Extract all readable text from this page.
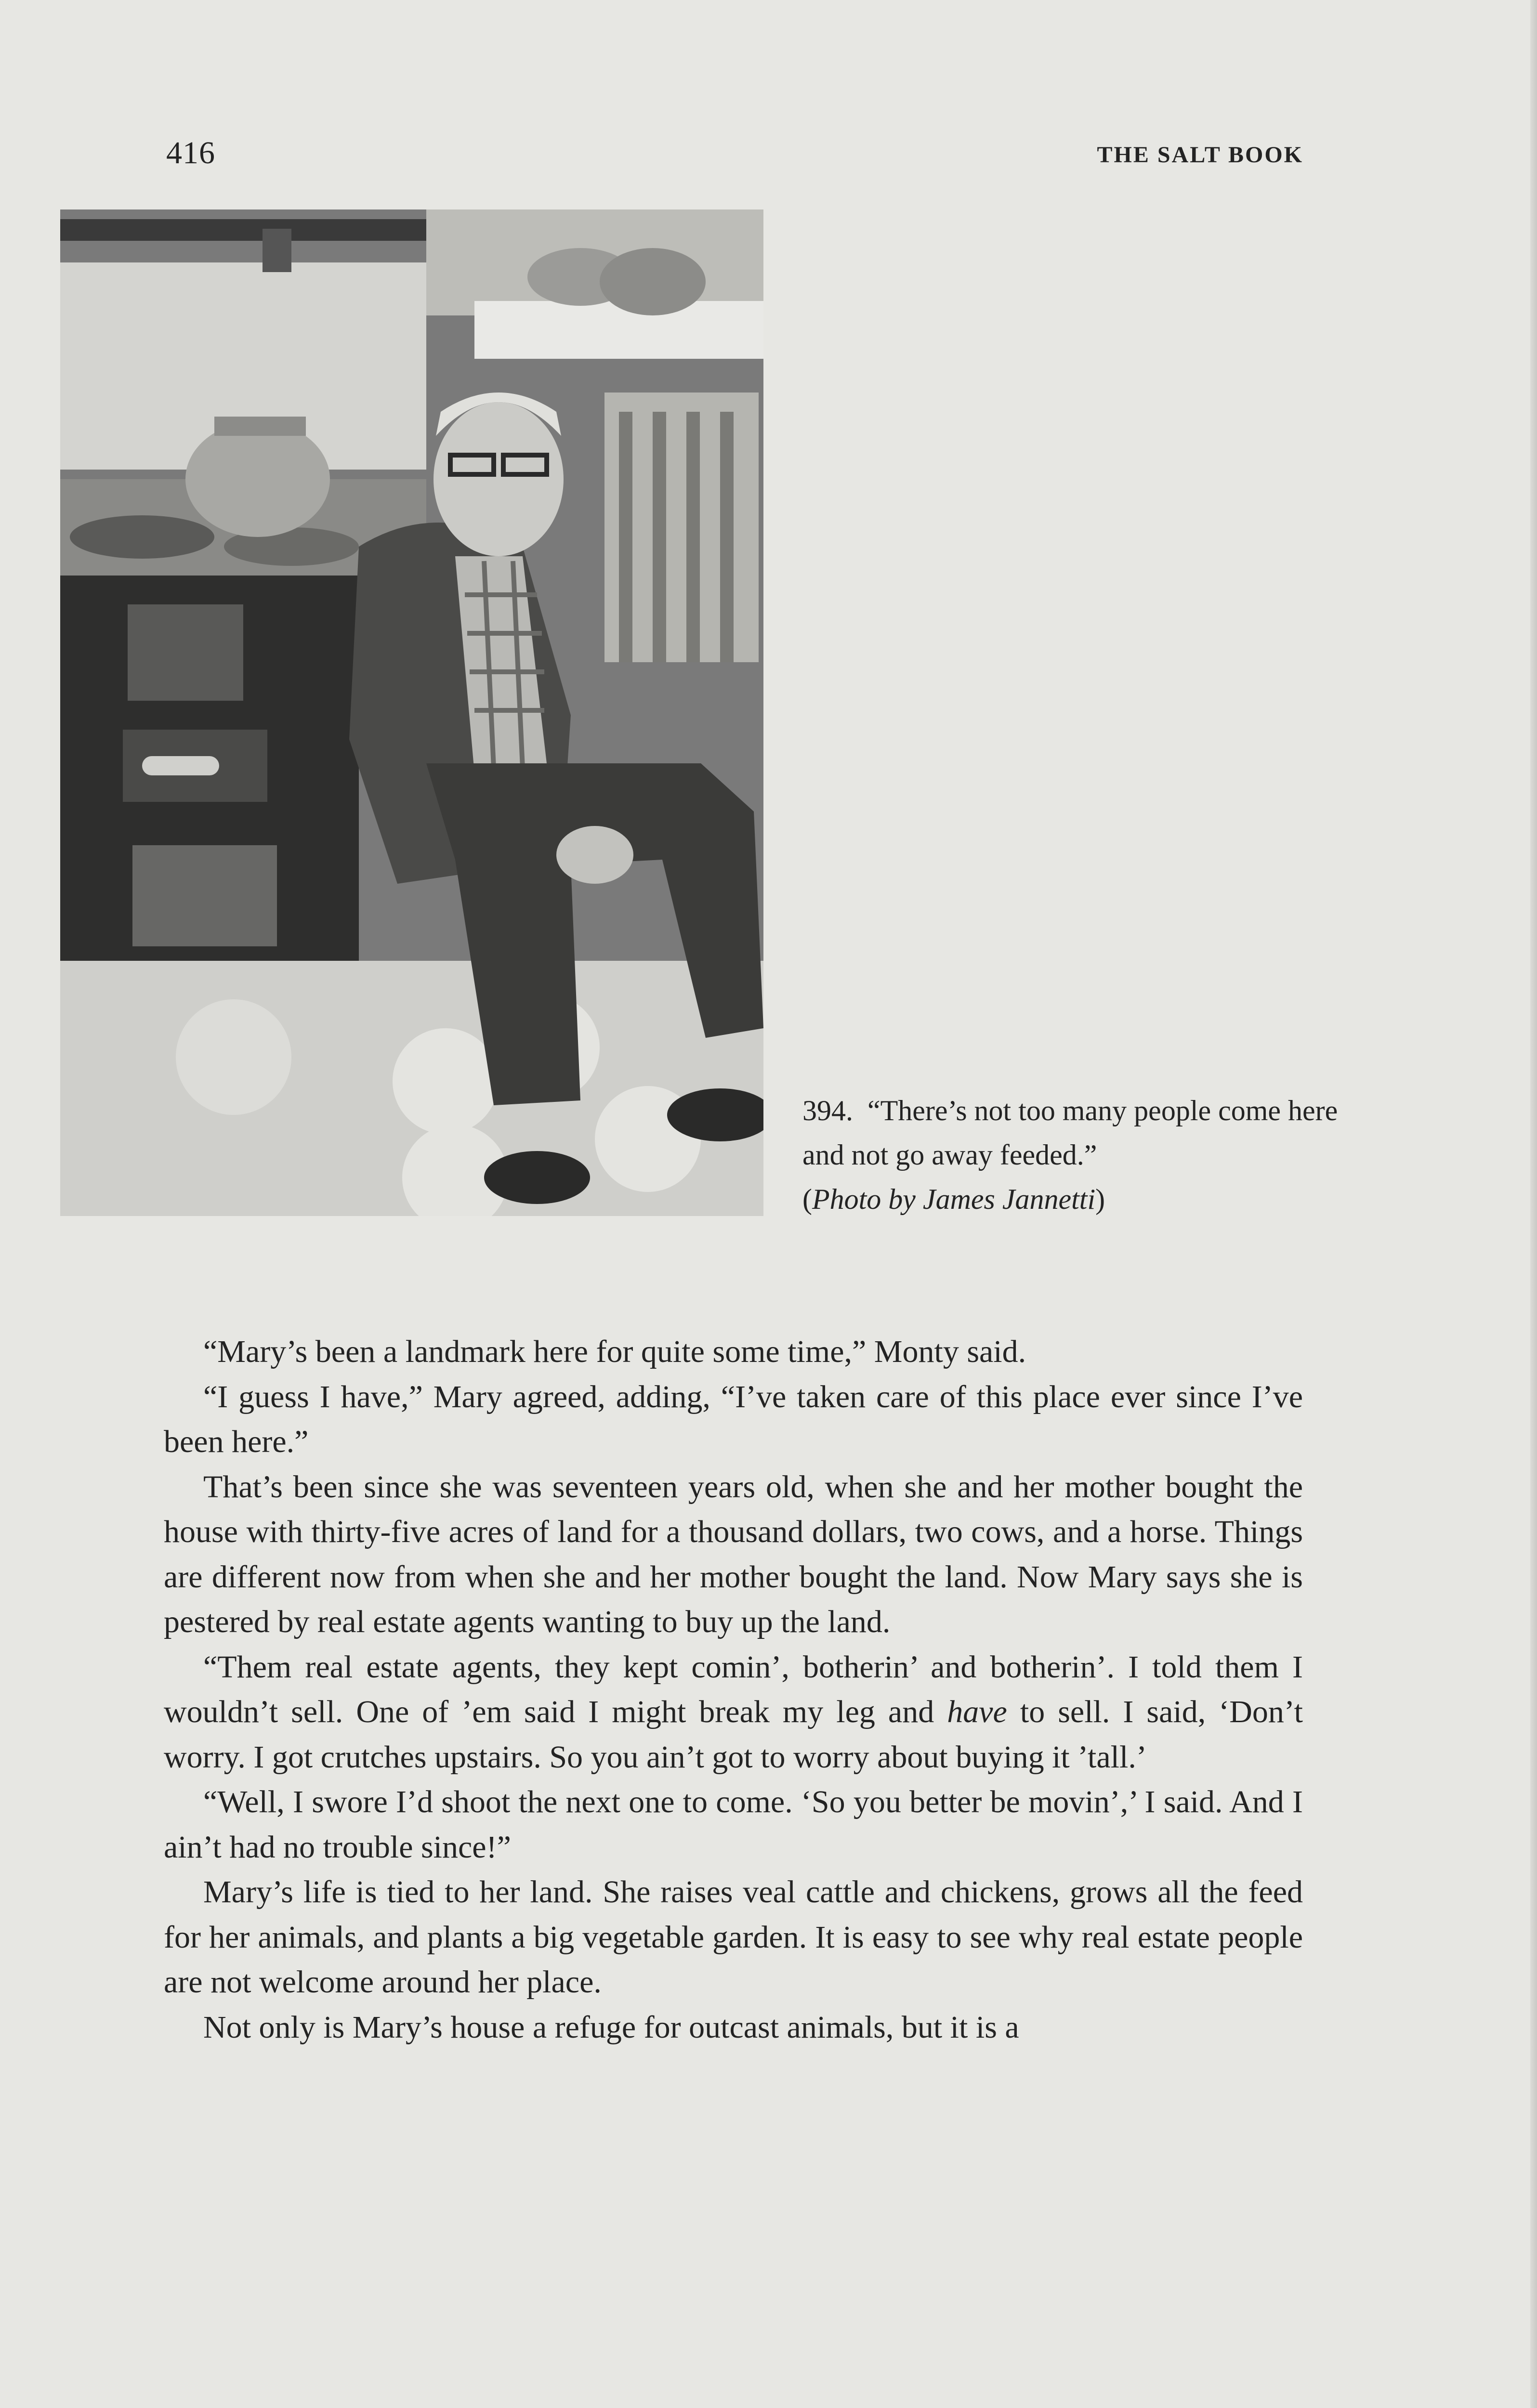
416	THE SALT BOOK
394. “There’s not too many people come here and not go away feeded.”
(Photo by James Jannetti)

“Mary’s been a landmark here for quite some time,” Monty said.

“I guess I have,” Mary agreed, adding, “I’ve taken care of this place ever since I’ve been here.”

That’s been since she was seventeen years old, when she and her mother bought the house with thirty-five acres of land for a thousand dollars, two cows, and a horse. Things are different now from when she and her mother bought the land. Now Mary says she is pestered by real estate agents wanting to buy up the land.

“Them real estate agents, they kept comin’, botherin’ and botherin’. I told them I wouldn’t sell. One of ’em said I might break my leg and have to sell. I said, ‘Don’t worry. I got crutches upstairs. So you ain’t got to worry about buying it ’tall.’

“Well, I swore I’d shoot the next one to come. ‘So you better be movin’,’ I said. And I ain’t had no trouble since!”

Mary’s life is tied to her land. She raises veal cattle and chickens, grows all the feed for her animals, and plants a big vegetable garden. It is easy to see why real estate people are not welcome around her place.

Not only is Mary’s house a refuge for outcast animals, but it is a
